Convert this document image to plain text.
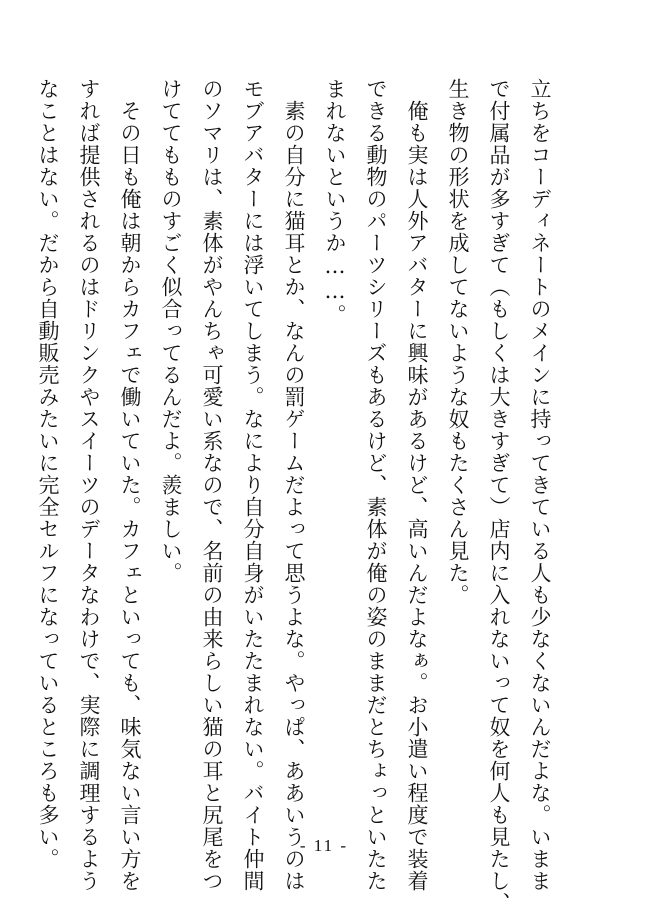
立ちをコーディネートのメインに持ってきている人も少なくないんだよな。いまま
で付属品が多すぎて（もしくは大きすぎて）店内に入れないって奴を何人も見たし、
生き物の形状を成してないような奴もたくさん見た。
　俺も実は人外アバターに興味があるけど、高いんだよなぁ。お小遣い程度で装着
できる動物のパーツシリーズもあるけど、素体が俺の姿のままだとちょっといたた
まれないというか……。
　素の自分に猫耳とか、なんの罰ゲームだよって思うよな。やっぱ、ああいうのは
モブアバターには浮いてしまう。なにより自分自身がいたたまれない。バイト仲間
のソマリは、素体がやんちゃ可愛い系なので、名前の由来らしい猫の耳と尻尾をつ
けててもものすごく似合ってるんだよ。羨ましい。
　その日も俺は朝からカフェで働いていた。カフェといっても、味気ない言い方を
すれば提供されるのはドリンクやスイーツのデータなわけで、実際に調理するよう
なことはない。だから自動販売みたいに完全セルフになっているところも多い。	- 11 -
